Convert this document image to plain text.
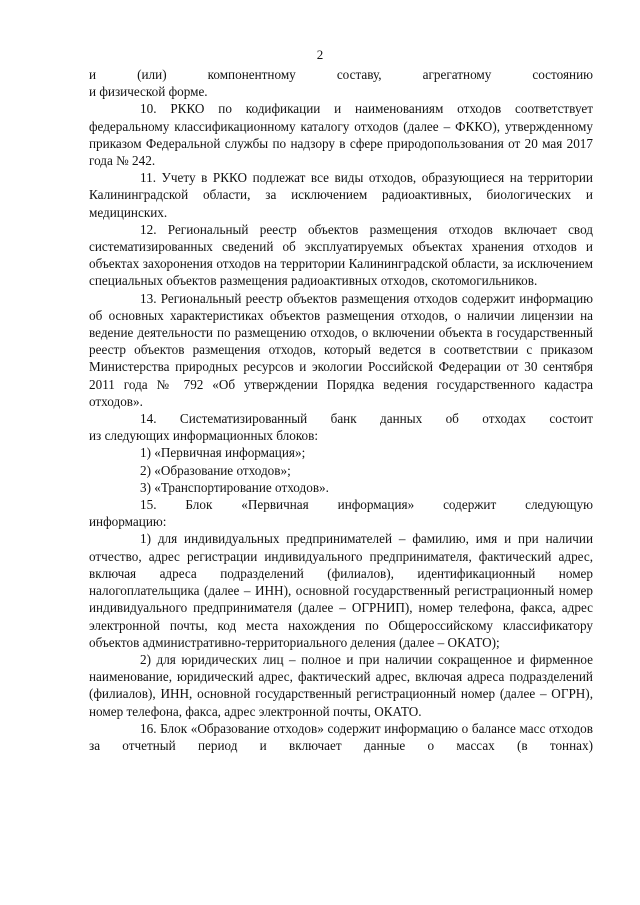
2

и (или) компонентному составу, агрегатному состоянию

и физической форме.

10. РККО по кодификации и наименованиям отходов соответствует федеральному классификационному каталогу отходов (далее – ФККО), утвержденному приказом Федеральной службы по надзору в сфере природопользования от 20 мая 2017 года № 242.

11. Учету в РККО подлежат все виды отходов, образующиеся на территории Калининградской области, за исключением радиоактивных, биологических и медицинских.

12. Региональный реестр объектов размещения отходов включает свод систематизированных сведений об эксплуатируемых объектах хранения отходов и объектах захоронения отходов на территории Калининградской области, за исключением специальных объектов размещения радиоактивных отходов, скотомогильников.

13. Региональный реестр объектов размещения отходов содержит информацию об основных характеристиках объектов размещения отходов, о наличии лицензии на ведение деятельности по размещению отходов, о включении объекта в государственный реестр объектов размещения отходов, который ведется в соответствии с приказом Министерства природных ресурсов и экологии Российской Федерации от 30 сентября 2011 года № 792 «Об утверждении Порядка ведения государственного кадастра отходов».

14. Систематизированный банк данных об отходах состоит

из следующих информационных блоков:

1) «Первичная информация»;

2) «Образование отходов»;

3) «Транспортирование отходов».

15. Блок «Первичная информация» содержит следующую

информацию:

1) для индивидуальных предпринимателей – фамилию, имя и при наличии отчество, адрес регистрации индивидуального предпринимателя, фактический адрес, включая адреса подразделений (филиалов), идентификационный номер налогоплательщика (далее – ИНН), основной государственный регистрационный номер индивидуального предпринимателя (далее – ОГРНИП), номер телефона, факса, адрес электронной почты, код места нахождения по Общероссийскому классификатору объектов административно-территориального деления (далее – ОКАТО);

2) для юридических лиц – полное и при наличии сокращенное и фирменное наименование, юридический адрес, фактический адрес, включая адреса подразделений (филиалов), ИНН, основной государственный регистрационный номер (далее – ОГРН), номер телефона, факса, адрес электронной почты, ОКАТО.

16. Блок «Образование отходов» содержит информацию о балансе масс отходов за отчетный период и включает данные о массах (в тоннах)
